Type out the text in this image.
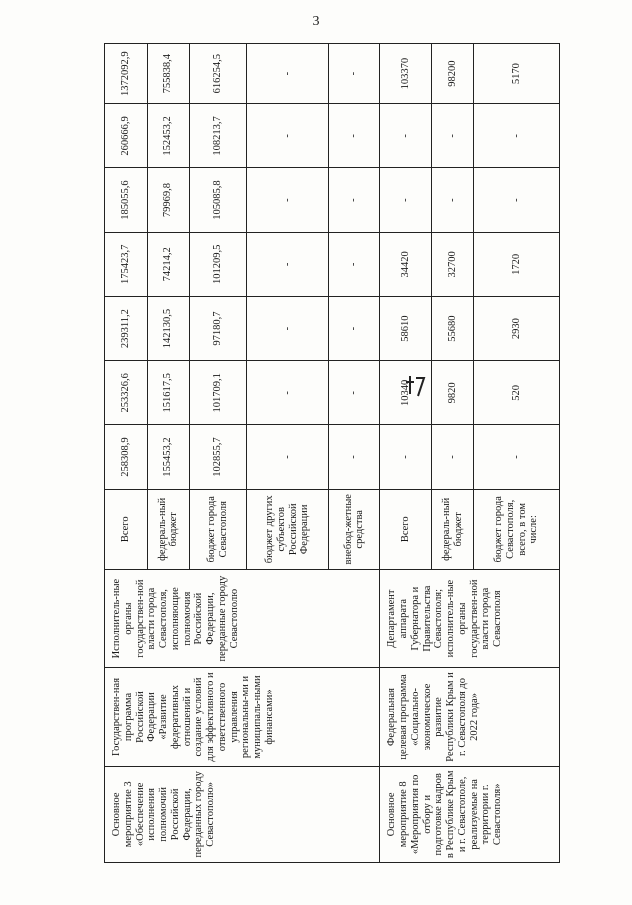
3
Основное мероприятие 3 «Обеспечение исполнения полномочий Российской Федерации, переданных городу Севастополю»	Государствен-ная программа Российской Федерации «Развитие федеративных отношений и создание условий для эффективного и ответственного управления региональны-ми и муниципаль-ными финансами»	Исполнитель-ные органы государствен-ной власти города Севастополя, исполняющие полномочия Российской Федерации, переданные городу Севастополю	Всего	258308,9	253326,6	239311,2	175423,7	185055,6	260666,9	1372092,9
			федераль-ный бюджет	155453,2	151617,5	142130,5	74214,2	79969,8	152453,2	755838,4
			бюджет города Севастополя	102855,7	101709,1	97180,7	101209,5	105085,8	108213,7	616254,5
			бюджет других субъектов Российской Федерации	-	-	-	-	-	-	-
			внебюд-жетные средства	-	-	-	-	-	-	-
Основное мероприятие 8 «Мероприятия по отбору и подготовке кадров в Республике Крым и г. Севастополе, реализуемые на территории г. Севастополя»	Федеральная целевая программа «Социально-экономическое развитие Республики Крым и г. Севастополя до 2022 года»	Департамент аппарата Губернатора и Правительства Севастополя; исполнитель-ные органы государствен-ной власти города Севастополя	Всего	-	10340	58610	34420	-	-	103370
			федераль-ный бюджет	-	9820	55680	32700	-	-	98200
			бюджет города Севастополя, всего, в том числе:	-	520	2930	1720	-	-	5170
